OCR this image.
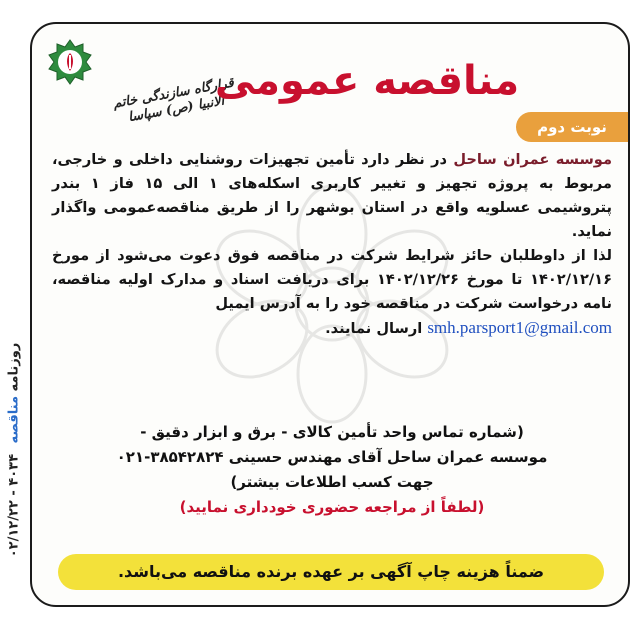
روزنامه مناقصه ۰۲/۱۲/۲۲ - ۴۰۳۴
قرارگاه سازندگی خاتم الانبیا (ص) سپاسا
مناقصه عمومی
نوبت دوم

موسسه عمران ساحل در نظر دارد تأمین تجهیزات روشنایی داخلی و خارجی، مربوط به پروژه تجهیز و تغییر کاربری اسکله‌های ۱ الی ۱۵ فاز ۱ بندر پتروشیمی عسلویه واقع در استان بوشهر را از طریق مناقصه‌عمومی واگذار نماید.

لذا از داوطلبان حائز شرایط شرکت در مناقصه فوق دعوت می‌شود از مورخ ۱۴۰۲/۱۲/۱۶ تا مورخ ۱۴۰۲/۱۲/۲۶ برای دریافت اسناد و مدارک اولیه مناقصه، نامه درخواست شرکت در مناقصه خود را به آدرس ایمیل

smh.parsport1@gmail.com ارسال نمایند.

(شماره تماس واحد تأمین کالای - برق و ابزار دقیق -
موسسه عمران ساحل آقای مهندس حسینی ۳۸۵۴۲۸۲۴-۰۲۱
جهت کسب اطلاعات بیشتر)
(لطفاً از مراجعه حضوری خودداری نمایید)
ضمناً هزینه چاپ آگهی بر عهده برنده مناقصه می‌باشد.
